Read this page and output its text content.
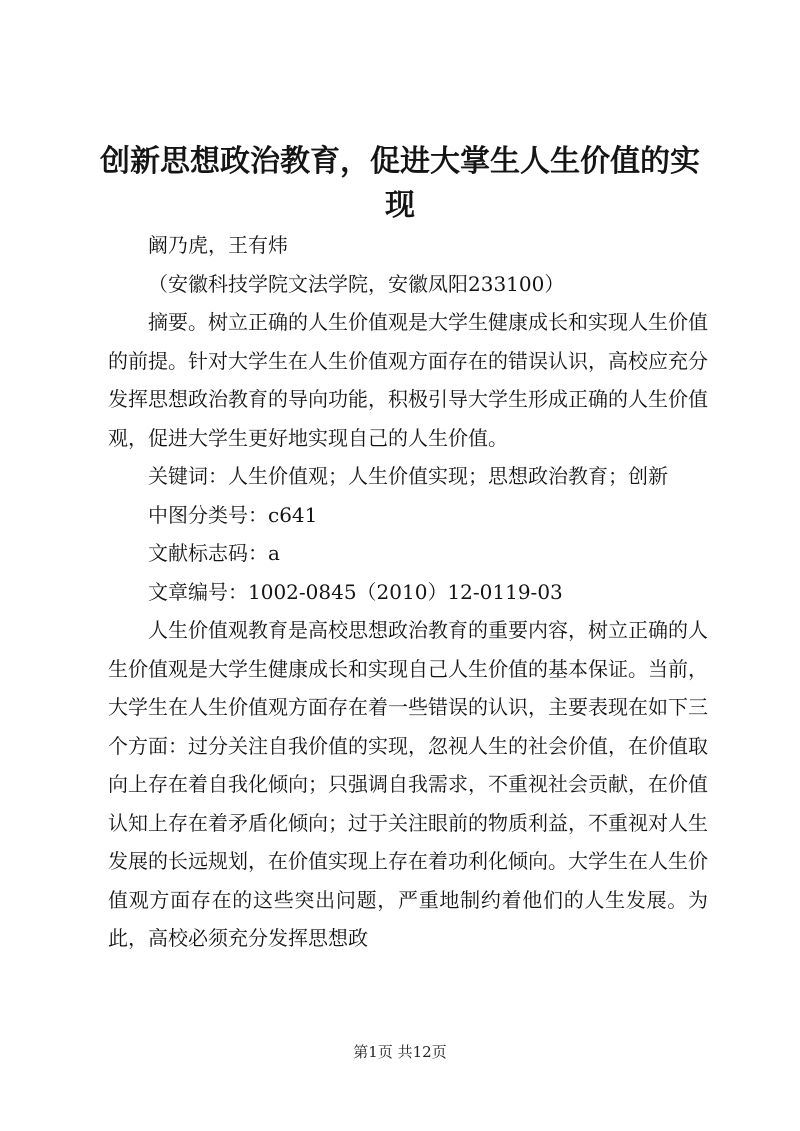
创新思想政治教育，促进大掌生人生价值的实现

阚乃虎，王有炜

（安徽科技学院文法学院，安徽凤阳233100）

摘要。树立正确的人生价值观是大学生健康成长和实现人生价值的前提。针对大学生在人生价值观方面存在的错误认识，高校应充分发挥思想政治教育的导向功能，积极引导大学生形成正确的人生价值观，促进大学生更好地实现自己的人生价值。

关键词：人生价值观；人生价值实现；思想政治教育；创新

中图分类号：c641

文献标志码：a

文章编号：1002-0845（2010）12-0119-03

人生价值观教育是高校思想政治教育的重要内容，树立正确的人生价值观是大学生健康成长和实现自己人生价值的基本保证。当前，大学生在人生价值观方面存在着一些错误的认识，主要表现在如下三个方面：过分关注自我价值的实现，忽视人生的社会价值，在价值取向上存在着自我化倾向；只强调自我需求，不重视社会贡献，在价值认知上存在着矛盾化倾向；过于关注眼前的物质利益，不重视对人生发展的长远规划，在价值实现上存在着功利化倾向。大学生在人生价值观方面存在的这些突出问题，严重地制约着他们的人生发展。为此，高校必须充分发挥思想政

第1页 共12页
